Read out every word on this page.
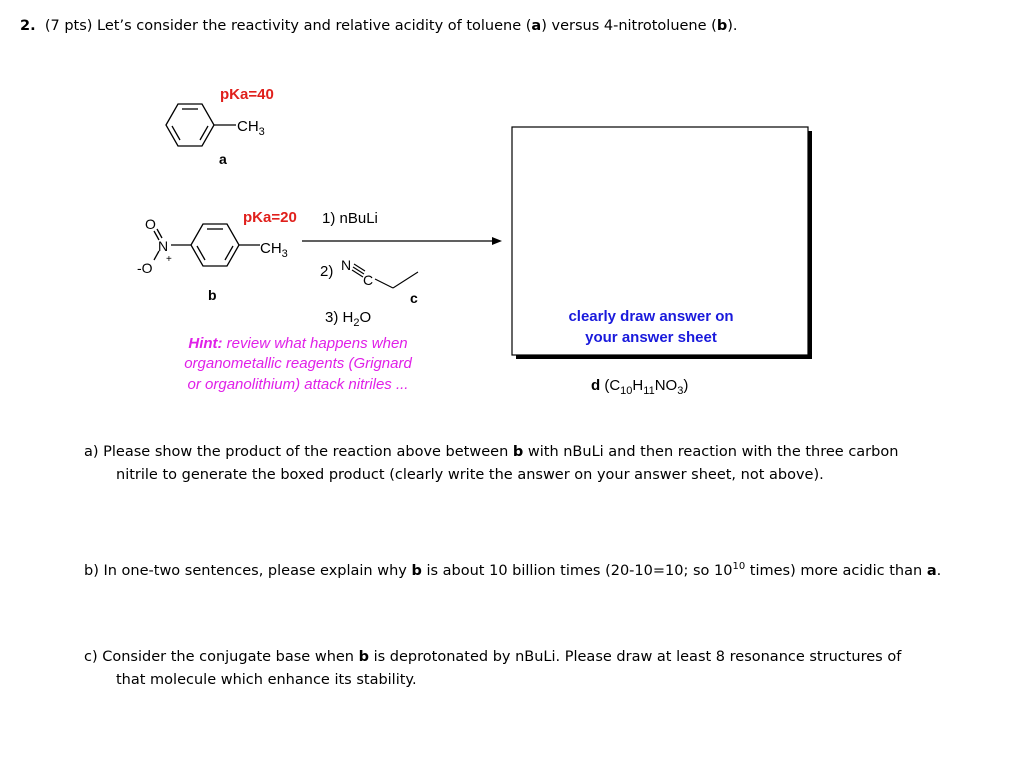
2. (7 pts) Let’s consider the reactivity and relative acidity of toluene (a) versus 4-nitrotoluene (b).
pKa=40
$CH_3$
a
pKa=20
$CH_3$
O
N
+
-O
b
1) nBuLi
2) N
C
c
3) $H_2O$
Hint: review what happens when
organometallic reagents (Grignard
or organolithium) attack nitriles ...
clearly draw answer on
your answer sheet
d $(C_{10}H_{11}NO_3)$
a) Please show the product of the reaction above between b with nBuLi and then reaction with the three carbon
nitrile to generate the boxed product (clearly write the answer on your answer sheet, not above).
b) In one-two sentences, please explain why b is about 10 billion times (20-10=10; so $10^{10}$ times) more acidic than a.
c) Consider the conjugate base when b is deprotonated by nBuLi. Please draw at least 8 resonance structures of
that molecule which enhance its stability.
